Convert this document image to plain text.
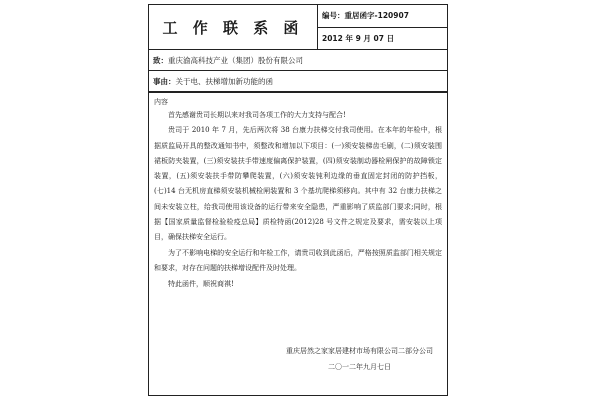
工 作 联 系 函
编号：重居函字-120907
2012 年 9 月 07 日
致： 重庆渝高科技产业（集团）股份有限公司
事由： 关于电、扶梯增加新功能的函
内容

首先感谢贵司长期以来对我司各项工作的大力支持与配合!

贵司于 2010 年 7 月，先后两次将 38 台康力扶梯交付我司使用。在本年的年检中，根据质监局开具的整改通知书中，须整改和增加以下项目：(一)须安装梯齿毛刷，(二)须安装围裙板防夹装置，(三)须安装扶手带速度偏离保护装置，(四)须安装制动器检闸保护的故障锁定装置，(五)须安装扶手带防攀爬装置，(六)须安装钝利边缘的垂直固定封闭的防护挡板，(七)14 台无机房直梯须安装机械检闸装置和 3 个基坑爬梯须移向。其中有 32 台康力扶梯之间未安装立柱，给我司使用该设备的运行带来安全隐患，严重影响了质监部门要求;同时，根据【国家质量监督检验检疫总局】质检特函(2012)28 号文件之规定及要求，需安装以上项目，确保扶梯安全运行。

为了不影响电梯的安全运行和年检工作，请贵司收到此函后，严格按照质监部门相关规定和要求，对存在问题的扶梯增设配件及时处理。

特此函件，顺祝商祺!

重庆居然之家家居建材市场有限公司二部分公司
二〇一二年九月七日
